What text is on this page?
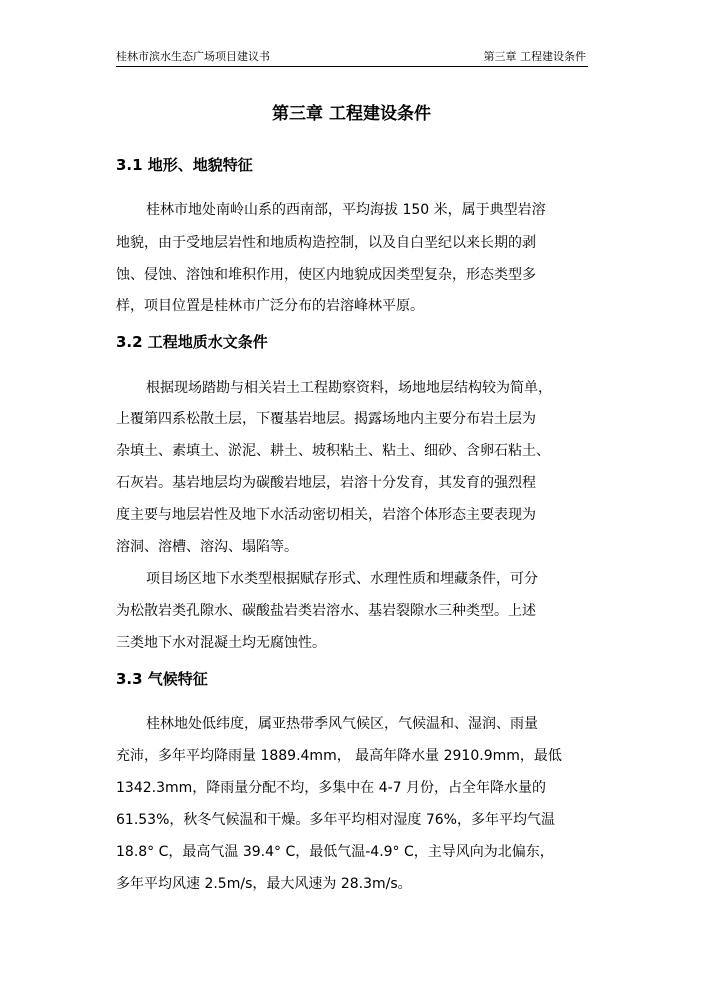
桂林市滨水生态广场项目建议书	第三章 工程建设条件
第三章 工程建设条件
3.1 地形、地貌特征
桂林市地处南岭山系的西南部，平均海拔 150 米，属于典型岩溶
地貌，由于受地层岩性和地质构造控制，以及自白垩纪以来长期的剥
蚀、侵蚀、溶蚀和堆积作用，使区内地貌成因类型复杂，形态类型多
样，项目位置是桂林市广泛分布的岩溶峰林平原。
3.2 工程地质水文条件
根据现场踏勘与相关岩土工程勘察资料，场地地层结构较为简单，
上覆第四系松散土层，下覆基岩地层。揭露场地内主要分布岩土层为
杂填土、素填土、淤泥、耕土、坡积粘土、粘土、细砂、含卵石粘土、
石灰岩。基岩地层均为碳酸岩地层，岩溶十分发育，其发育的强烈程
度主要与地层岩性及地下水活动密切相关，岩溶个体形态主要表现为
溶洞、溶槽、溶沟、塌陷等。
项目场区地下水类型根据赋存形式、水理性质和埋藏条件，可分
为松散岩类孔隙水、碳酸盐岩类岩溶水、基岩裂隙水三种类型。上述
三类地下水对混凝土均无腐蚀性。
3.3 气候特征
桂林地处低纬度，属亚热带季风气候区，气候温和、湿润、雨量
充沛，多年平均降雨量 1889.4mm， 最高年降水量 2910.9mm，最低
1342.3mm，降雨量分配不均，多集中在 4-7 月份，占全年降水量的
61.53%，秋冬气候温和干燥。多年平均相对湿度 76%，多年平均气温
18.8° C，最高气温 39.4° C，最低气温-4.9° C，主导风向为北偏东，
多年平均风速 2.5m/s，最大风速为 28.3m/s。
